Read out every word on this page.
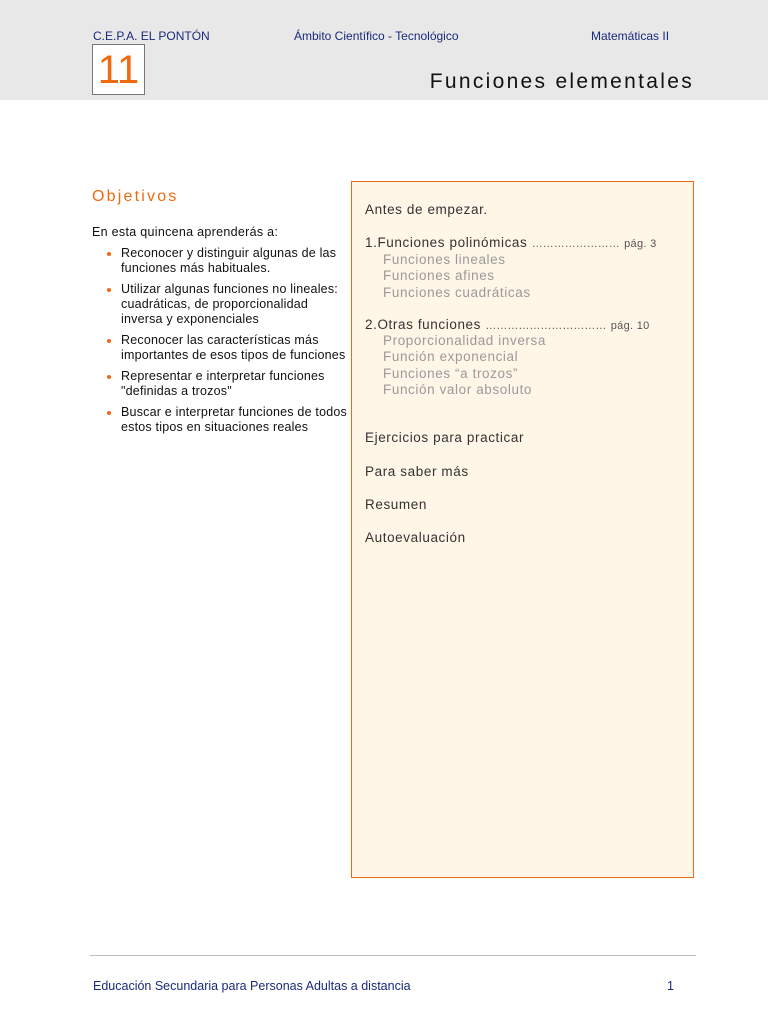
C.E.P.A. EL PONTÓN	Ámbito Científico - Tecnológico	Matemáticas II
11	Funciones elementales
Objetivos
En esta quincena aprenderás a:
Reconocer y distinguir algunas de las funciones más habituales.
Utilizar algunas funciones no lineales: cuadráticas, de proporcionalidad inversa y exponenciales
Reconocer las características más importantes de esos tipos de funciones
Representar e interpretar funciones "definidas a trozos"
Buscar e interpretar funciones de todos estos tipos en situaciones reales
Antes de empezar.
1.Funciones polinómicas …………………… pág. 3
Funciones lineales
Funciones afines
Funciones cuadráticas
2.Otras funciones …………………………… pág. 10
Proporcionalidad inversa
Función exponencial
Funciones “a trozos”
Función valor absoluto
Ejercicios para practicar
Para saber más
Resumen
Autoevaluación
Educación Secundaria para Personas Adultas a distancia	1
